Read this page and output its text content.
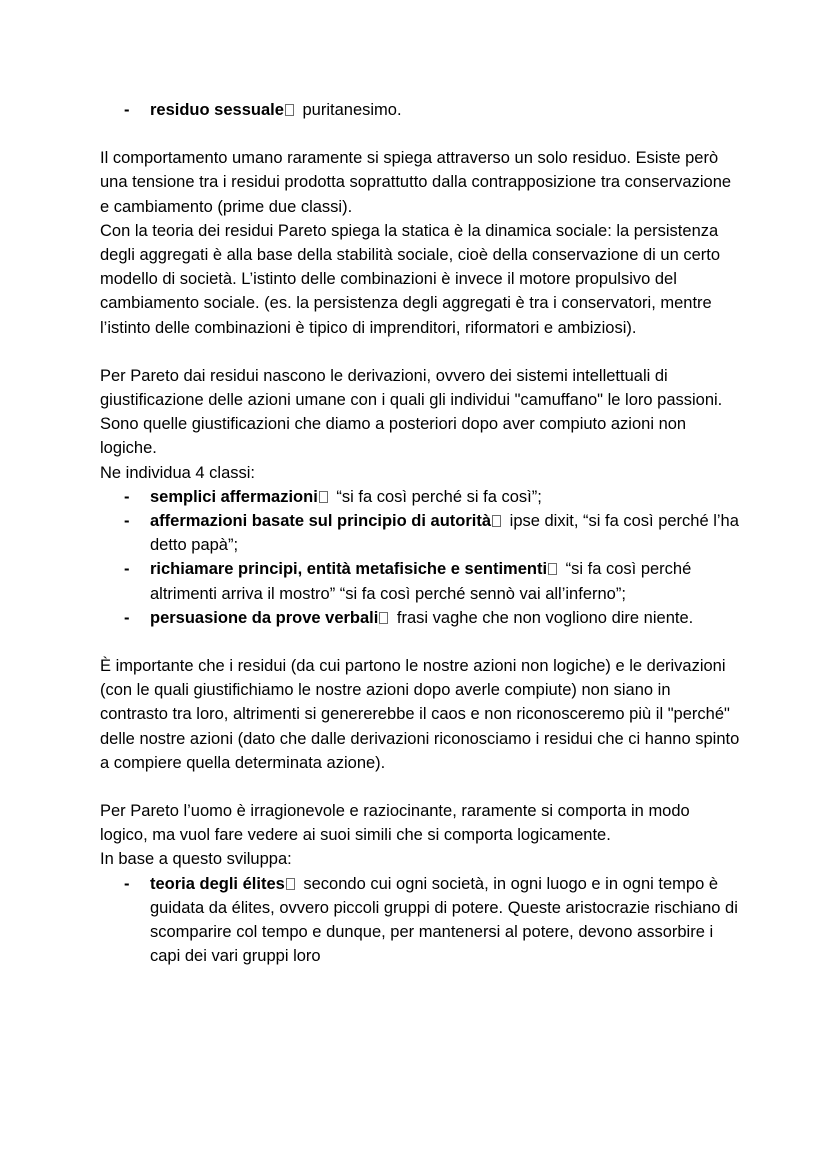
- residuo sessuale puritanesimo.

Il comportamento umano raramente si spiega attraverso un solo residuo. Esiste però una tensione tra i residui prodotta soprattutto dalla contrapposizione tra conservazione e cambiamento (prime due classi).
Con la teoria dei residui Pareto spiega la statica è la dinamica sociale: la persistenza degli aggregati è alla base della stabilità sociale, cioè della conservazione di un certo modello di società. L’istinto delle combinazioni è invece il motore propulsivo del cambiamento sociale. (es. la persistenza degli aggregati è tra i conservatori, mentre l’istinto delle combinazioni è tipico di imprenditori, riformatori e ambiziosi).

Per Pareto dai residui nascono le derivazioni, ovvero dei sistemi intellettuali di giustificazione delle azioni umane con i quali gli individui "camuffano" le loro passioni. Sono quelle giustificazioni che diamo a posteriori dopo aver compiuto azioni non logiche.
Ne individua 4 classi:

- semplici affermazioni “si fa così perché si fa così”;
- affermazioni basate sul principio di autorità ipse dixit, “si fa così perché l’ha detto papà”;
- richiamare principi, entità metafisiche e sentimenti “si fa così perché altrimenti arriva il mostro” “si fa così perché sennò vai all’inferno”;
- persuasione da prove verbali frasi vaghe che non vogliono dire niente.

È importante che i residui (da cui partono le nostre azioni non logiche) e le derivazioni (con le quali giustifichiamo le nostre azioni dopo averle compiute) non siano in contrasto tra loro, altrimenti si genererebbe il caos e non riconosceremo più il "perché" delle nostre azioni (dato che dalle derivazioni riconosciamo i residui che ci hanno spinto a compiere quella determinata azione).

Per Pareto l’uomo è irragionevole e raziocinante, raramente si comporta in modo logico, ma vuol fare vedere ai suoi simili che si comporta logicamente.
In base a questo sviluppa:

- teoria degli élites secondo cui ogni società, in ogni luogo e in ogni tempo è guidata da élites, ovvero piccoli gruppi di potere. Queste aristocrazie rischiano di scomparire col tempo e dunque, per mantenersi al potere, devono assorbire i capi dei vari gruppi loro
